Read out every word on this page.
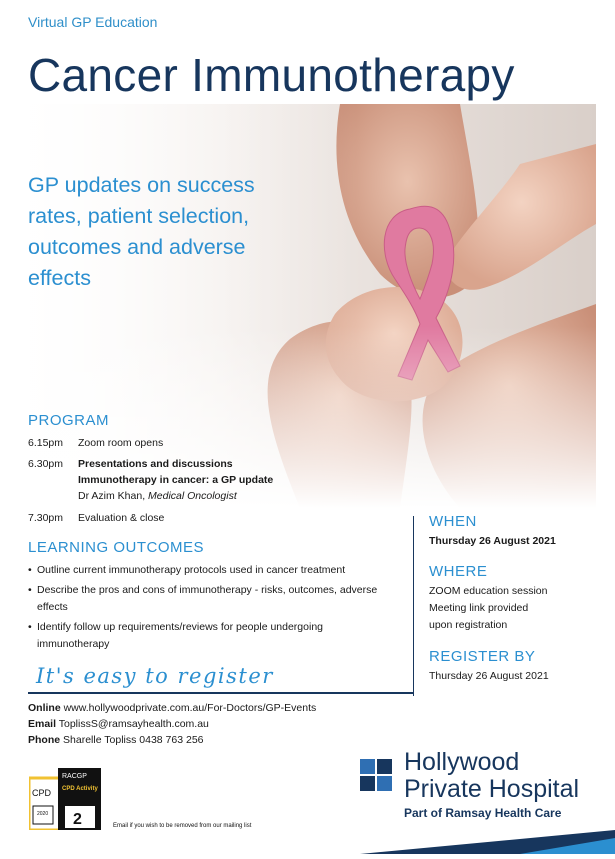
Virtual GP Education
Cancer Immunotherapy
GP updates on success rates, patient selection, outcomes and adverse effects
PROGRAM
6.15pm	Zoom room opens
6.30pm	Presentations and discussions
Immunotherapy in cancer: a GP update
Dr Azim Khan, Medical Oncologist
7.30pm	Evaluation & close
LEARNING OUTCOMES
• Outline current immunotherapy protocols used in cancer treatment
• Describe the pros and cons of immunotherapy - risks, outcomes, adverse effects
• Identify follow up requirements/reviews for people undergoing immunotherapy
WHEN
Thursday 26 August 2021
WHERE
ZOOM education session
Meeting link provided
upon registration
REGISTER BY
Thursday 26 August 2021
It's easy to register
Online www.hollywoodprivate.com.au/For-Doctors/GP-Events
Email ToplissS@ramsayhealth.com.au
Phone Sharelle Topliss 0438 763 256
CPD
RACGP
CPD Activity
2
2020
Email if you wish to be removed from our mailing list
Hollywood
Private Hospital
Part of Ramsay Health Care
